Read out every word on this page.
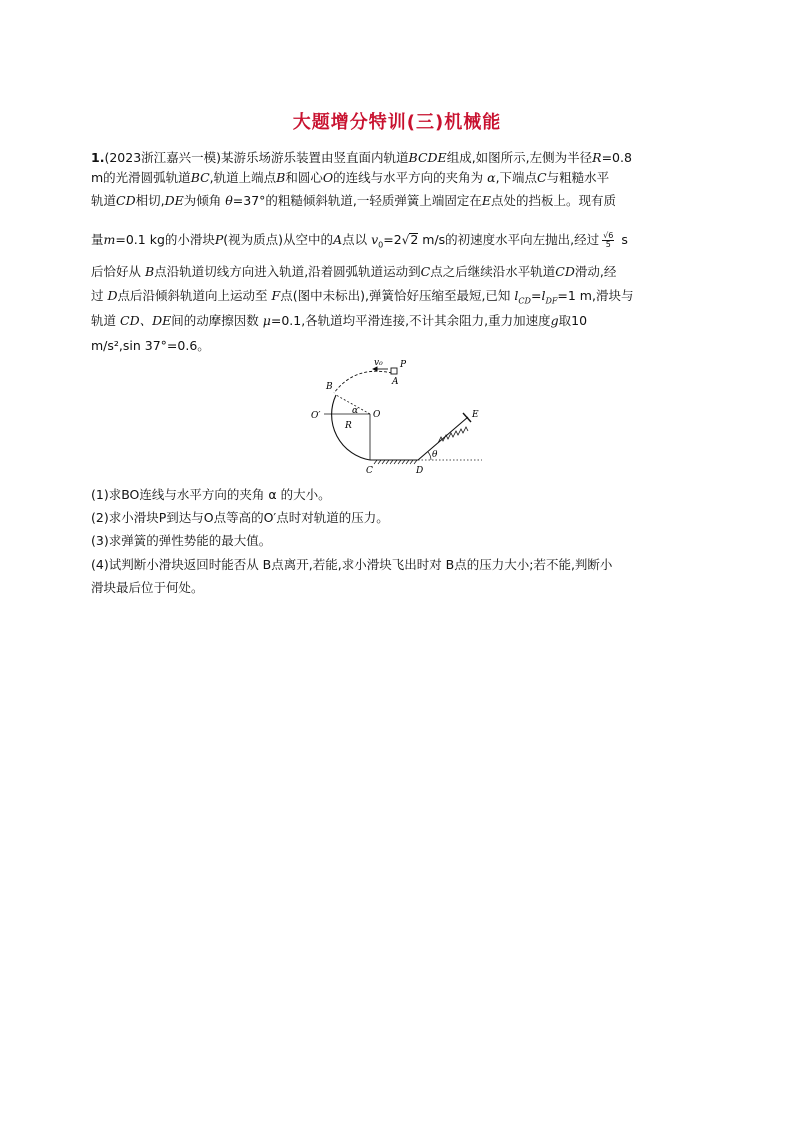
大题增分特训(三)机械能
1.(2023浙江嘉兴一模)某游乐场游乐装置由竖直面内轨道BCDE组成,如图所示,左侧为半径R=0.8
m的光滑圆弧轨道BC,轨道上端点B和圆心O的连线与水平方向的夹角为 α,下端点C与粗糙水平
轨道CD相切,DE为倾角 θ=37°的粗糙倾斜轨道,一轻质弹簧上端固定在E点处的挡板上。现有质
量m=0.1 kg的小滑块P(视为质点)从空中的A点以 $v_0=2√2$ m/s的初速度水平向左抛出,经过 $\frac{√6}{5}$ s
后恰好从 B点沿轨道切线方向进入轨道,沿着圆弧轨道运动到C点之后继续沿水平轨道CD滑动,经
过 D点后沿倾斜轨道向上运动至 F点(图中未标出),弹簧恰好压缩至最短,已知 $l_{CD}=l_{DF}=1$ m,滑块与
轨道 CD、DE间的动摩擦因数 μ=0.1,各轨道均平滑连接,不计其余阻力,重力加速度g取10
m/s²,sin 37°=0.6。
v₀ P
A
B
O′	α O
R
C	D
θ
E
(1)求BO连线与水平方向的夹角 α 的大小。
(2)求小滑块P到达与O点等高的O′点时对轨道的压力。
(3)求弹簧的弹性势能的最大值。
(4)试判断小滑块返回时能否从 B点离开,若能,求小滑块飞出时对 B点的压力大小;若不能,判断小
滑块最后位于何处。
